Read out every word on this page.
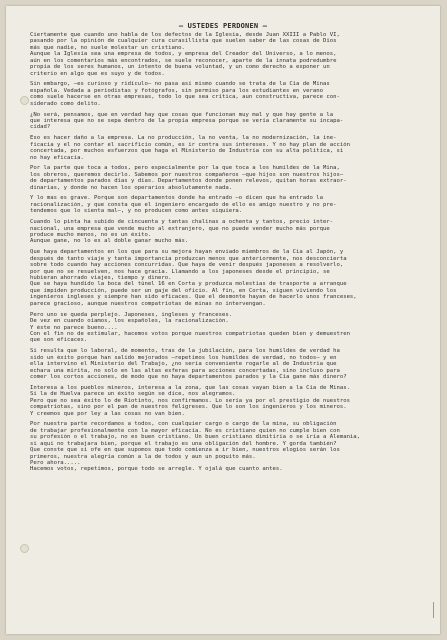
— USTEDES PERDONEN —
Ciertamente que cuando uno habla de los defectos de la Iglesia, desde Juan XXIII a Pablo VI,
pasando por la opinión de cualquier cura curasillista que suelen saber de las cosas de Dios
más que nadie, no suele molestar un cristiano.
Aunque la Iglesia sea una empresa de todos, y empresa del Creador del Universo, a lo menos,
aún en los comentarios más encontrados, se suele reconocer, aparte de la innata podredumbre
propia de los seres humanos, un intento de buena voluntad, y un como derecho a exponer un
criterio en algo que es suyo y de todos.
Sin embargo, —es curioso y ridículo— no pasa así mismo cuando se trata de la Cía de Minas
española. Vedada a periodistas y fotógrafos, sin permiso para los estudiantes en verano
como suele hacerse en otras empresas, todo lo que sea crítica, aun constructiva, parece con-
siderado como delito.
¿No será, pensamos, que en verdad hay que cosas que funcionan muy mal y que hay gente a la
que interesa que no se sepa dentro de la propia empresa porque se vería claramente su incapa-
cidad?
Eso es hacer daño a la empresa. La no producción, la no venta, la no modernización, la ine-
ficacia y el no contar el sacrificio común, es ir contra sus intereses. Y no hay plan de acción
concertada, por muchos esfuerzos que haga el Ministerio de Industria con su alta política, si
no hay eficacia.
Por la parte que toca a todos, pero especialmente por la que toca a los humildes de la Mina,
los obreros, queremos decirlo. Sabemos por nuestros compañeros —que hijos son nuestros hijos—
de departamentos parados días y días. Departamentos donde ponen relevos, quitan horas extraor-
dinarias, y donde no hacen los operarios absolutamente nada.
Y lo mas es grave. Porque son departamentos donde ha entrado —o dicen que ha entrado la
racionalización, y que consta que el ingeniero encargado de ello es amigo nuestro y no pre-
tendemos que lo sienta mal—, y no producen como antes siquiera.
Cuando lo pinta ha subido de cincuenta y tantas chalinas a ochenta y tantos, precio inter-
nacional, una empresa que vende mucho al extranjero, que no puede vender mucho más porque
produce mucho menos, no es un éxito.
Aunque gane, no lo es al doble ganar mucho más.
Que haya departamentos en los que para su mejora hayan enviado miembros de la Cía al Japón, y
después de tanto viaje y tanta importancia produzcan menos que anteriormente, nos desconcierta
sobre todo cuando hay acciones concurridas. Que haya de venir después japoneses a resolverlo,
por que no se resuelven, nos hace gracia. Llamando a los japoneses desde el principio, se
hubieran ahorrado viajes, tiempo y dinero.
Que se haya hundido la boca del túnel 16 en Corta y produzca molestias de trasporte a arranque
que impiden producción, puede ser un gaje del oficio. Al fin, en Corta, siguen viviendo los
ingenieros ingleses y siempre han sido eficaces. Que el desmonte hayan de hacerlo unos franceses,
parece gracioso, aunque nuestros compatriotas de minas no intervengan.
Pero uno se queda perplejo. Japoneses, ingleses y franceses.
De vez en cuando oíamos, los españoles, la racionalización.
Y éste no parece bueno....
Con el fin no de estimular, hacemos votos porque nuestros compatriotas queden bien y demuestren
que son eficaces.
Si resulta que lo laboral, de momento, tras de la jubilación, para los humildes de verdad ha
sido un éxito porque han salido mejorados —repetimos los humildes de verdad, no todos— y en
ella intervino el Ministerio del Trabajo, ¿no sería conveniente rogarle al de Industria que
echara una mirita, no solo en las altas esferas para acciones concertadas, sino incluso para
comer los cortos acciones, de modo que no haya departamentos parados y la Cía gane más dinero?
Interesa a los pueblos mineros, interesa a la zona, que las cosas vayan bien a la Cía de Minas.
Si la de Huelva parece un éxito según se dice, nos alegramos.
Pero que no sea éxito lo de Riotinto, nos confirmamos. Lo sería ya por el prestigio de nuestros
compatriotas, sino por el pan de nuestros feligreses. Que lo son los ingenieros y los mineros.
Y creemos que por ley a las cosas no van bien.
Por nuestra parte recordamos a todos, con cualquier cargo o cargo de la mina, su obligación
de trabajar profesionalmente con la mayor eficacia. No es cristiano quien no cumple bien con
su profesión o el trabajo, no es buen cristiano. Un buen cristiano dimitiría o se iría a Alemania,
si aquí no trabajara bien, porque el trabajo es una obligación del hombre. Y gorda también?
Que conste que si ofe en que supomos que todo comienza a ir bien, nuestros elogios serán los
primeros, nuestra alegría común a la de todos y aun un poquito más.
Pero ahora.....
Hacemos votos, repetimos, porque todo se arregle. Y ojalá que cuanto antes.
